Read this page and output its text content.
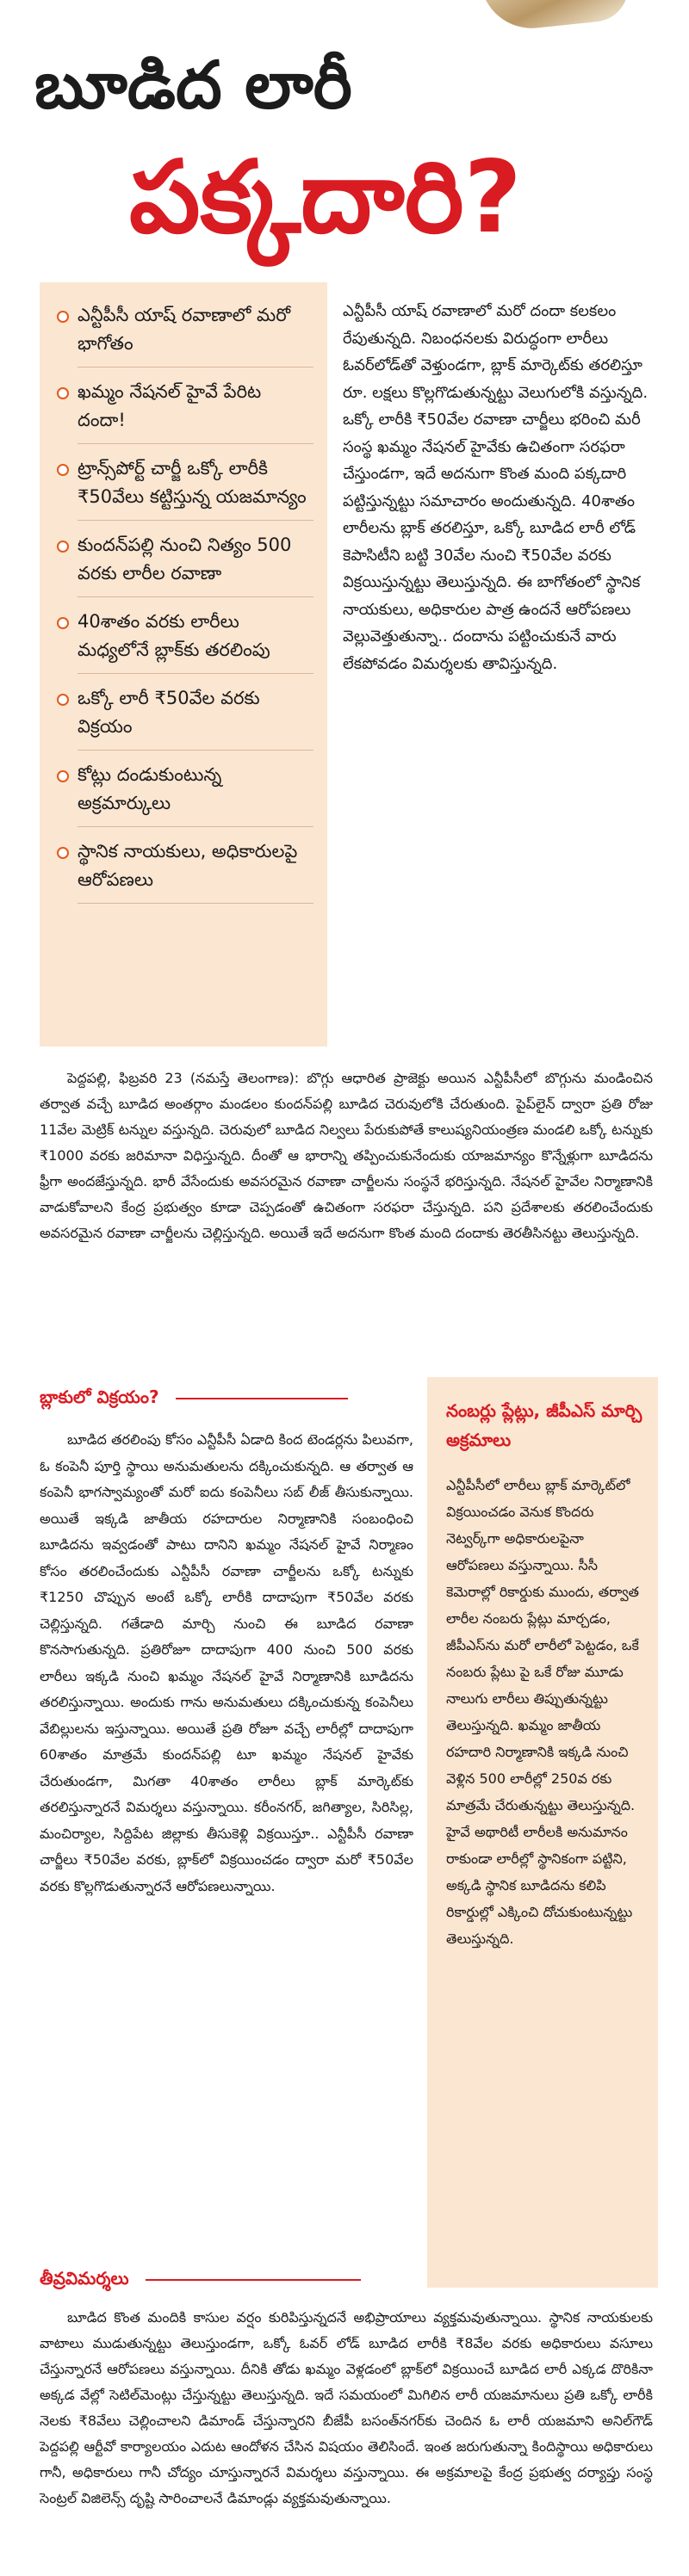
బూడిద లారీ
పక్కదారి?
ఎన్టీపీసీ యాష్ రవాణాలో మరో భాగోతం
ఖమ్మం నేషనల్ హైవే పేరిట దందా!
ట్రాన్స్‌పోర్ట్ చార్జీ ఒక్కో లారీకి ₹50వేలు కట్టిస్తున్న యజమాన్యం
కుందన్‌పల్లి నుంచి నిత్యం 500 వరకు లారీల రవాణా
40శాతం వరకు లారీలు మధ్యలోనే బ్లాక్‌కు తరలింపు
ఒక్కో లారీ ₹50వేల వరకు విక్రయం
కోట్లు దండుకుంటున్న అక్రమార్కులు
స్థానిక నాయకులు, అధికారులపై ఆరోపణలు
ఎన్టీపీసీ యాష్ రవాణాలో మరో దందా కలకలం రేపుతున్నది. నిబంధనలకు విరుద్ధంగా లారీలు ఓవర్‌లోడ్‌తో వెళ్తుండగా, బ్లాక్ మార్కెట్‌కు తరలిస్తూ రూ. లక్షలు కొల్లగొడుతున్నట్టు వెలుగులోకి వస్తున్నది. ఒక్కో లారీకి ₹50వేల రవాణా చార్జీలు భరించి మరీ సంస్థ ఖమ్మం నేషనల్ హైవేకు ఉచితంగా సరఫరా చేస్తుండగా, ఇదే అదనుగా కొంత మంది పక్కదారి పట్టిస్తున్నట్టు సమాచారం అందుతున్నది. 40శాతం లారీలను బ్లాక్ తరలిస్తూ, ఒక్కో బూడిద లారీ లోడ్ కెపాసిటీని బట్టి 30వేల నుంచి ₹50వేల వరకు విక్రయిస్తున్నట్టు తెలుస్తున్నది. ఈ బాగోతంలో స్థానిక నాయకులు, అధికారుల పాత్ర ఉందనే ఆరోపణలు వెల్లువెత్తుతున్నా.. దందాను పట్టించుకునే వారు లేకపోవడం విమర్శలకు తావిస్తున్నది.

పెద్దపల్లి, ఫిబ్రవరి 23 (నమస్తే తెలంగాణ): బొగ్గు ఆధారిత ప్రాజెక్టు అయిన ఎన్టీపీసీలో బొగ్గును మండించిన తర్వాత వచ్చే బూడిద అంతర్గాం మండలం కుందన్‌పల్లి బూడిద చెరువులోకి చేరుతుంది. పైప్‌లైన్ ద్వారా ప్రతి రోజు 11వేల మెట్రిక్ టన్నుల వస్తున్నది. చెరువులో బూడిద నిల్వలు పేరుకుపోతే కాలుష్యనియంత్రణ మండలి ఒక్కో టన్నుకు ₹1000 వరకు జరిమానా విధిస్తున్నది. దీంతో ఆ భారాన్ని తప్పించుకునేందుకు యాజమాన్యం కొన్నేళ్లుగా బూడిదను ఫ్రీగా అందజేస్తున్నది. భారీ వేసేందుకు అవసరమైన రవాణా చార్జీలను సంస్థనే భరిస్తున్నది. నేషనల్ హైవేల నిర్మాణానికి వాడుకోవాలని కేంద్ర ప్రభుత్వం కూడా చెప్పడంతో ఉచితంగా సరఫరా చేస్తున్నది. పని ప్రదేశాలకు తరలించేందుకు అవసరమైన రవాణా చార్జీలను చెల్లిస్తున్నది. అయితే ఇదే అదనుగా కొంత మంది దందాకు తెరతీసినట్టు తెలుస్తున్నది.

బ్లాకులో విక్రయం?

బూడిద తరలింపు కోసం ఎన్టీపీసీ ఏడాది కింద టెండర్లను పిలువగా, ఓ కంపెనీ పూర్తి స్థాయి అనుమతులను దక్కించుకున్నది. ఆ తర్వాత ఆ కంపెనీ భాగస్వామ్యంతో మరో ఐదు కంపెనీలు సబ్ లీజ్ తీసుకున్నాయి. అయితే ఇక్కడి జాతీయ రహదారుల నిర్మాణానికి సంబంధించి బూడిదను ఇవ్వడంతో పాటు దానిని ఖమ్మం నేషనల్ హైవే నిర్మాణం కోసం తరలించేందుకు ఎన్టీపీసీ రవాణా చార్జీలను ఒక్కో టన్నుకు ₹1250 చొప్పున అంటే ఒక్కో లారీకి దాదాపుగా ₹50వేల వరకు చెల్లిస్తున్నది. గతేడాది మార్చి నుంచి ఈ బూడిద రవాణా కొనసాగుతున్నది. ప్రతిరోజూ దాదాపుగా 400 నుంచి 500 వరకు లారీలు ఇక్కడి నుంచి ఖమ్మం నేషనల్ హైవే నిర్మాణానికి బూడిదను తరలిస్తున్నాయి. అందుకు గాను అనుమతులు దక్కించుకున్న కంపెనీలు వేబిల్లులను ఇస్తున్నాయి. అయితే ప్రతి రోజూ వచ్చే లారీల్లో దాదాపుగా 60శాతం మాత్రమే కుందన్‌పల్లి టూ ఖమ్మం నేషనల్ హైవేకు చేరుతుండగా, మిగతా 40శాతం లారీలు బ్లాక్ మార్కెట్‌కు తరలిస్తున్నారనే విమర్శలు వస్తున్నాయి. కరీంనగర్, జగిత్యాల, సిరిసిల్ల, మంచిర్యాల, సిద్దిపేట జిల్లాకు తీసుకెళ్లి విక్రయిస్తూ.. ఎన్టీపీసీ రవాణా చార్జీలు ₹50వేల వరకు, బ్లాక్‌లో విక్రయించడం ద్వారా మరో ₹50వేల వరకు కొల్లగొడుతున్నారనే ఆరోపణలున్నాయి.

నంబర్లు ప్లేట్లు, జీపీఎస్ మార్చి అక్రమాలు

ఎన్టీపీసీలో లారీలు బ్లాక్ మార్కెట్‌లో విక్రయించడం వెనుక కొందరు నెట్వర్క్‌గా అధికారులపైనా ఆరోపణలు వస్తున్నాయి. సీసీ కెమెరాల్లో రికార్డుకు ముందు, తర్వాత లారీల నంబరు ప్లేట్లు మార్చడం, జీపీఎస్‌ను మరో లారీలో పెట్టడం, ఒకే నంబరు ప్లేటు పై ఒకే రోజు మూడు నాలుగు లారీలు తిప్పుతున్నట్టు తెలుస్తున్నది. ఖమ్మం జాతీయ రహదారి నిర్మాణానికి ఇక్కడి నుంచి వెళ్లిన 500 లారీల్లో 250వ రకు మాత్రమే చేరుతున్నట్టు తెలుస్తున్నది. హైవే అథారిటీ లారీలకి అనుమానం రాకుండా లారీల్లో స్థానికంగా పట్టిని, అక్కడి స్థానిక బూడిదను కలిపి రికార్డుల్లో ఎక్కించి దోచుకుంటున్నట్టు తెలుస్తున్నది.

తీవ్రవిమర్శలు

బూడిద కొంత మందికి కాసుల వర్షం కురిపిస్తున్నదనే అభిప్రాయాలు వ్యక్తమవుతున్నాయి. స్థానిక నాయకులకు వాటాలు ముడుతున్నట్టు తెలుస్తుండగా, ఒక్కో ఓవర్ లోడ్ బూడిద లారీకి ₹8వేల వరకు అధికారులు వసూలు చేస్తున్నారనే ఆరోపణలు వస్తున్నాయి. దీనికి తోడు ఖమ్మం వెళ్లడంలో బ్లాక్‌లో విక్రయించే బూడిద లారీ ఎక్కడ దొరికినా అక్కడ వేల్లో సెటిల్‌మెంట్లు చేస్తున్నట్టు తెలుస్తున్నది. ఇదే సమయంలో మిగిలిన లారీ యజమానులు ప్రతి ఒక్కో లారీకి నెలకు ₹8వేలు చెల్లించాలని డిమాండ్ చేస్తున్నారని బీజేపీ బసంత్‌నగర్‌కు చెందిన ఓ లారీ యజమాని అనిల్‌గౌడ్ పెద్దపల్లి ఆర్టీవో కార్యాలయం ఎదుట ఆందోళన చేసిన విషయం తెలిసిందే. ఇంత జరుగుతున్నా కిందిస్థాయి అధికారులు గానీ, అధికారులు గానీ చోద్యం చూస్తున్నారనే విమర్శలు వస్తున్నాయి. ఈ అక్రమాలపై కేంద్ర ప్రభుత్వ దర్యాప్తు సంస్థ సెంట్రల్ విజిలెన్స్ దృష్టి సారించాలనే డిమాండ్లు వ్యక్తమవుతున్నాయి.
